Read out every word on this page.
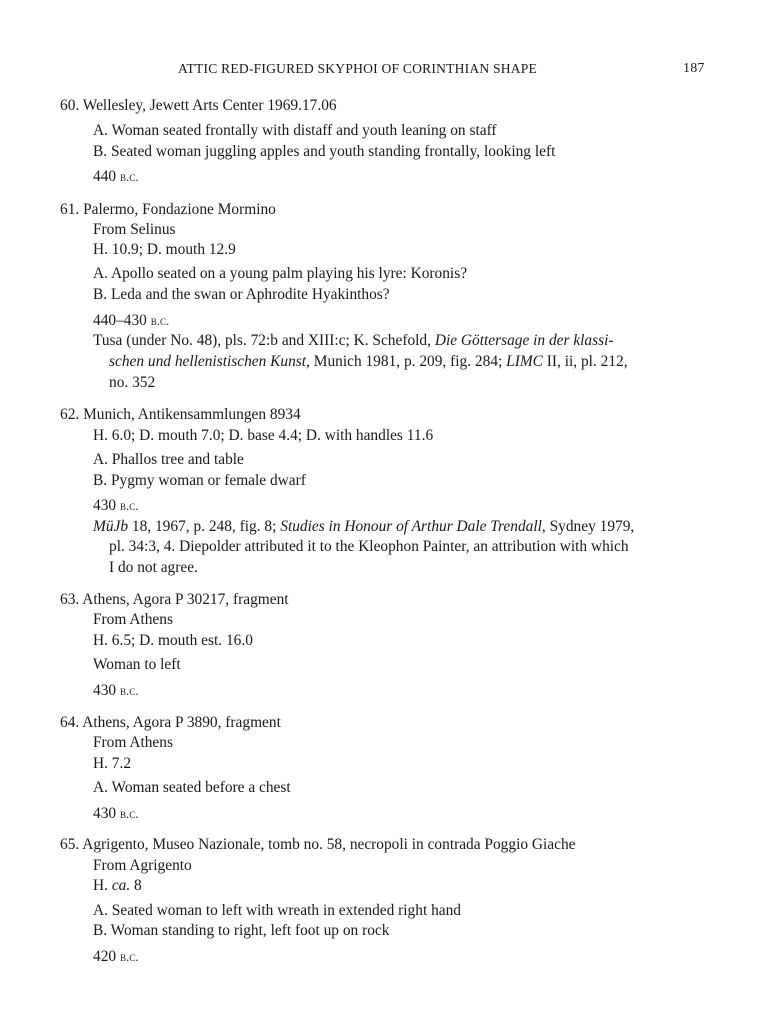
ATTIC RED-FIGURED SKYPHOI OF CORINTHIAN SHAPE	187
60. Wellesley, Jewett Arts Center 1969.17.06
A. Woman seated frontally with distaff and youth leaning on staff
B. Seated woman juggling apples and youth standing frontally, looking left
440 b.c.
61. Palermo, Fondazione Mormino
From Selinus
H. 10.9; D. mouth 12.9
A. Apollo seated on a young palm playing his lyre: Koronis?
B. Leda and the swan or Aphrodite Hyakinthos?
440–430 b.c.
Tusa (under No. 48), pls. 72:b and XIII:c; K. Schefold, Die Göttersage in der klassi-
schen und hellenistischen Kunst, Munich 1981, p. 209, fig. 284; LIMC II, ii, pl. 212,
no. 352
62. Munich, Antikensammlungen 8934
H. 6.0; D. mouth 7.0; D. base 4.4; D. with handles 11.6
A. Phallos tree and table
B. Pygmy woman or female dwarf
430 b.c.
MüJb 18, 1967, p. 248, fig. 8; Studies in Honour of Arthur Dale Trendall, Sydney 1979,
pl. 34:3, 4. Diepolder attributed it to the Kleophon Painter, an attribution with which
I do not agree.
63. Athens, Agora P 30217, fragment
From Athens
H. 6.5; D. mouth est. 16.0
Woman to left
430 b.c.
64. Athens, Agora P 3890, fragment
From Athens
H. 7.2
A. Woman seated before a chest
430 b.c.
65. Agrigento, Museo Nazionale, tomb no. 58, necropoli in contrada Poggio Giache
From Agrigento
H. ca. 8
A. Seated woman to left with wreath in extended right hand
B. Woman standing to right, left foot up on rock
420 b.c.
